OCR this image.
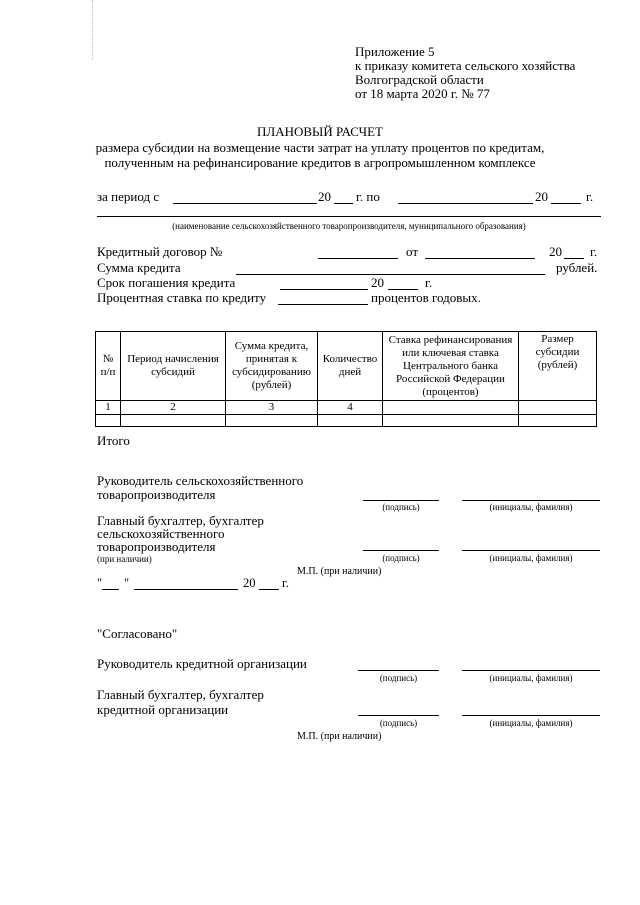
Приложение 5
к приказу комитета сельского хозяйства
Волгоградской области
от 18 марта 2020 г. № 77
ПЛАНОВЫЙ РАСЧЕТ
размера субсидии на возмещение части затрат на уплату процентов по кредитам,
полученным на рефинансирование кредитов в агропромышленном комплексе
за период с	20 г. по	20	г.
(наименование сельскохозяйственного товаропроизводителя, муниципального образования)
Кредитный договор №	от	20 г.
Сумма кредита	рублей.
Срок погашения кредита	20	г.
Процентная ставка по кредиту	процентов годовых.
№ п/п	Период начисления субсидий	Сумма кредита, принятая к субсидированию (рублей)	Количество дней	Ставка рефинансирования или ключевая ставка Центрального банка Российской Федерации (процентов)	Размер субсидии (рублей)
1	2	3	4		

Итого
Руководитель сельскохозяйственного
товаропроизводителя
(подпись)	(инициалы, фамилия)
Главный бухгалтер, бухгалтер
сельскохозяйственного
товаропроизводителя
(при наличии)	(подпись)	(инициалы, фамилия)
М.П. (при наличии)
" "	20 г.
"Согласовано"
Руководитель кредитной организации
(подпись)	(инициалы, фамилия)
Главный бухгалтер, бухгалтер
кредитной организации
(подпись)	(инициалы, фамилия)
М.П. (при наличии)
